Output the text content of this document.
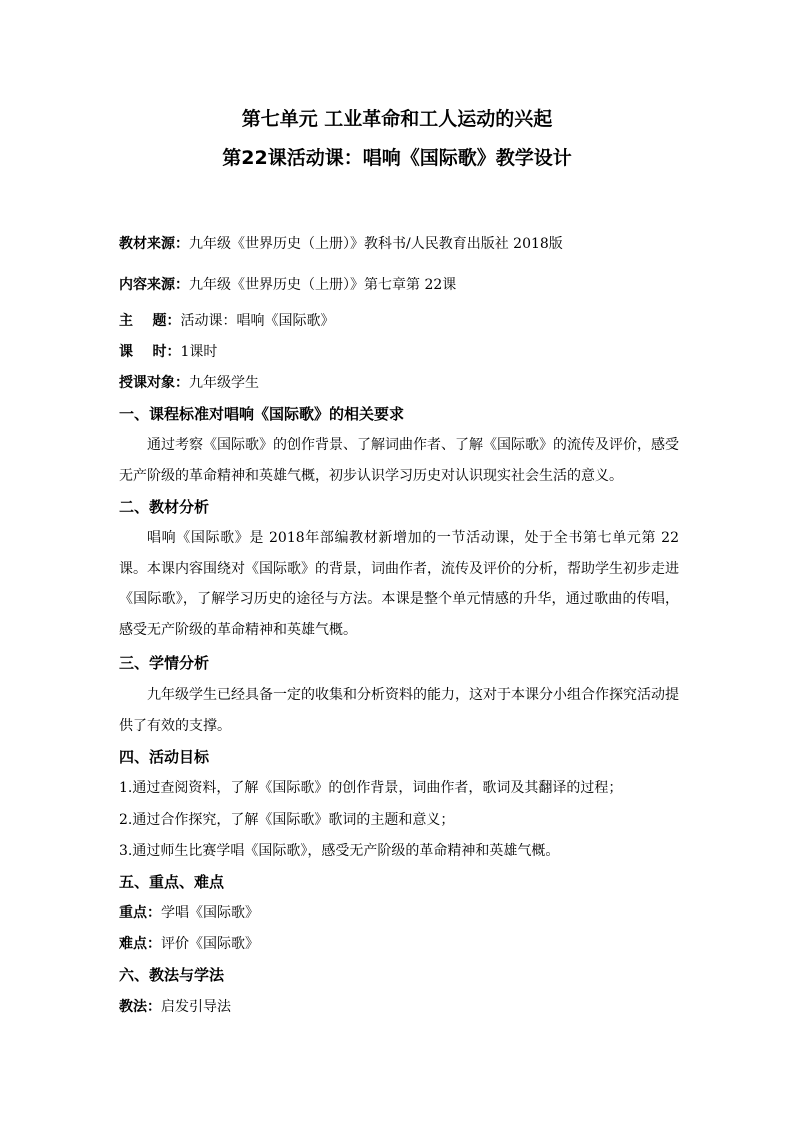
第七单元 工业革命和工人运动的兴起
第22课活动课：唱响《国际歌》教学设计
教材来源：九年级《世界历史（上册）》教科书/人民教育出版社 2018版
内容来源：九年级《世界历史（上册）》第七章第 22课
主    题：活动课：唱响《国际歌》
课    时：1课时
授课对象：九年级学生
一、课程标准对唱响《国际歌》的相关要求
通过考察《国际歌》的创作背景、了解词曲作者、了解《国际歌》的流传及评价，感受无产阶级的革命精神和英雄气概，初步认识学习历史对认识现实社会生活的意义。
二、教材分析
唱响《国际歌》是 2018年部编教材新增加的一节活动课，处于全书第七单元第 22课。本课内容围绕对《国际歌》的背景，词曲作者，流传及评价的分析，帮助学生初步走进《国际歌》，了解学习历史的途径与方法。本课是整个单元情感的升华，通过歌曲的传唱，感受无产阶级的革命精神和英雄气概。
三、学情分析
九年级学生已经具备一定的收集和分析资料的能力，这对于本课分小组合作探究活动提供了有效的支撑。
四、活动目标
1.通过查阅资料，了解《国际歌》的创作背景，词曲作者，歌词及其翻译的过程；
2.通过合作探究，了解《国际歌》歌词的主题和意义；
3.通过师生比赛学唱《国际歌》，感受无产阶级的革命精神和英雄气概。
五、重点、难点
重点：学唱《国际歌》
难点：评价《国际歌》
六、教法与学法
教法：启发引导法
